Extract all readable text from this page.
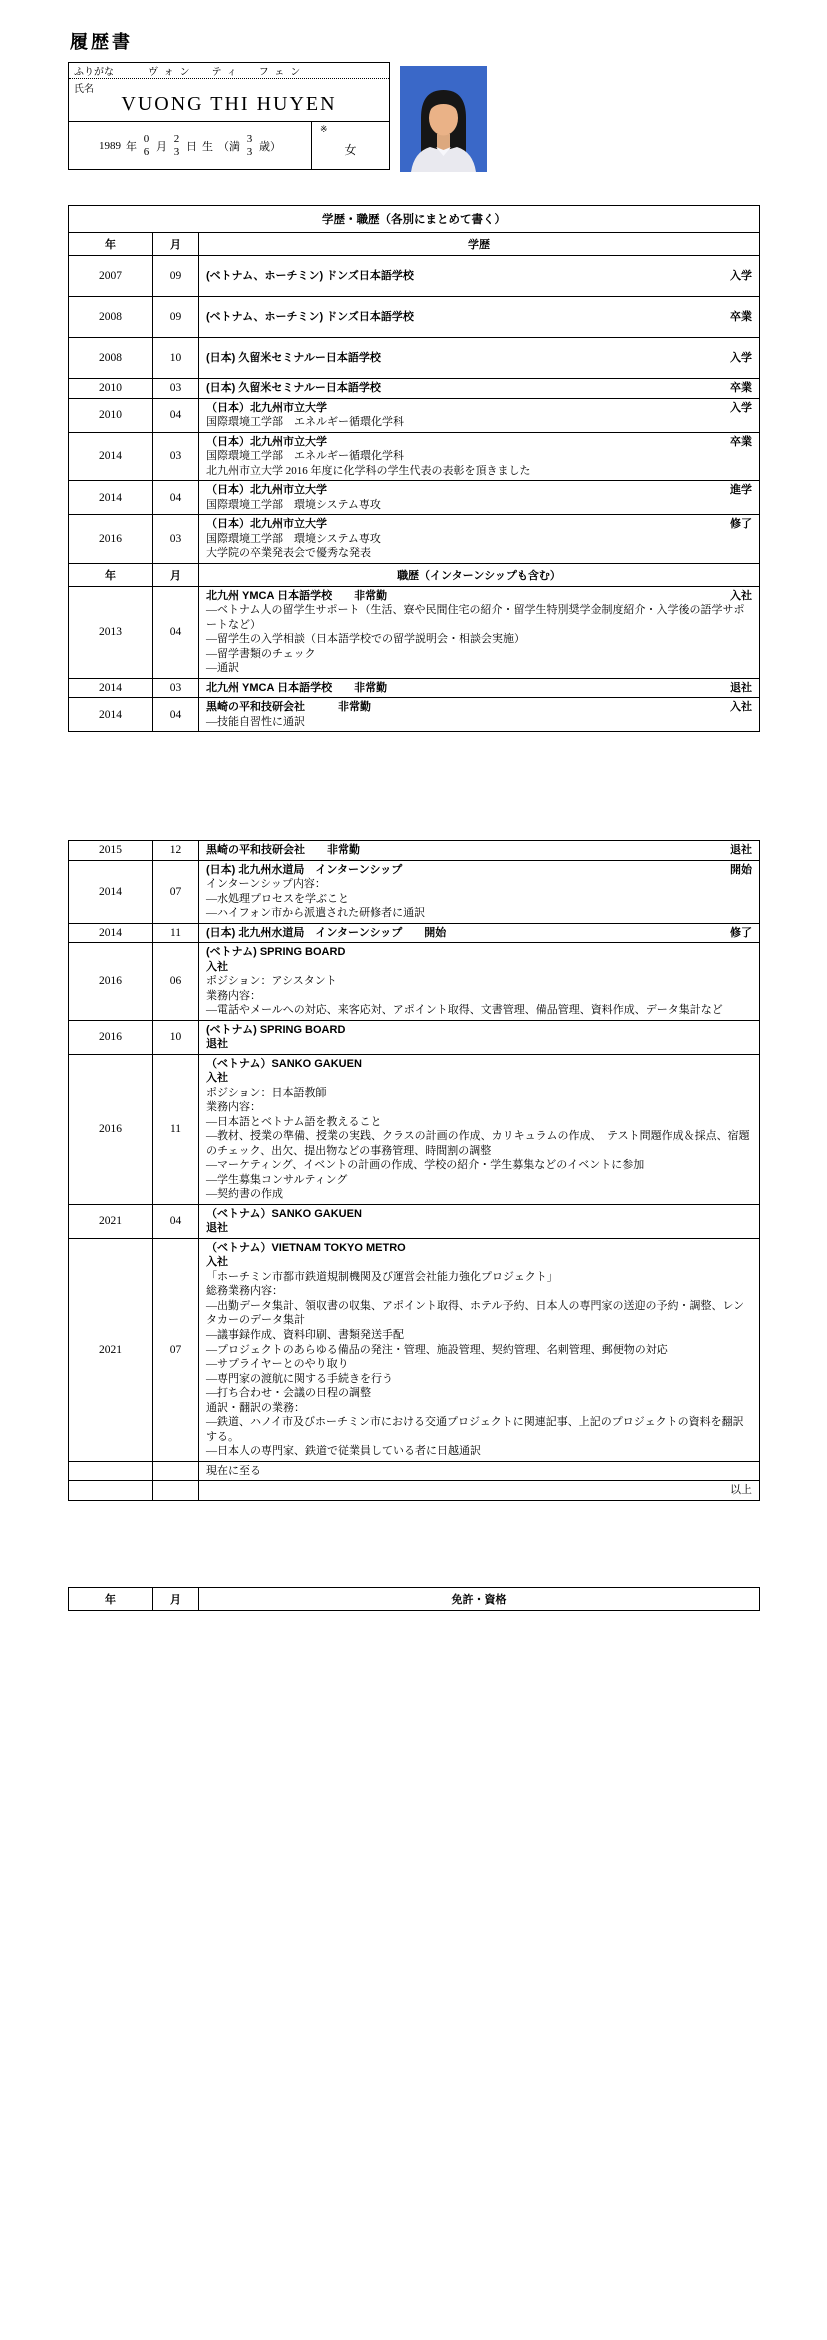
履歴書
ふりがな	ヴォン　ティ　フェン
氏名
VUONG THI HUYEN
1989 年
06 月
23 日 生 （満
33 歳）
※
女
学歴・職歴（各別にまとめて書く）		
年	月	学歴
2007	09	(ベトナム、ホーチミン) ドンズ日本語学校 入学

2008	09	(ベトナム、ホーチミン) ドンズ日本語学校 卒業

2008	10	(日本) 久留米セミナルー日本語学校 入学

2010	03	(日本) 久留米セミナルー日本語学校 卒業

2010	04	（日本）北九州市立大学 入学
国際環境工学部　エネルギー循環化学科

2014	03	（日本）北九州市立大学 卒業
国際環境工学部　エネルギー循環化学科
北九州市立大学 2016 年度に化学科の学生代表の表彰を頂きました

2014	04	（日本）北九州市立大学 進学
国際環境工学部　環境システム専攻

2016	03	（日本）北九州市立大学 修了
国際環境工学部　環境システム専攻
大学院の卒業発表会で優秀な発表

年	月	職歴（インターンシップも含む）
2013	04	
北九州 YMCA 日本語学校　　非常勤	入社
—ベトナム人の留学生サポート（生活、寮や民間住宅の紹介・留学生特別奨学金制度紹介・入学後の語学サポートなど）
—留学生の入学相談（日本語学校での留学説明会・相談会実施）
—留学書類のチェック
—通訳

2014	03	北九州 YMCA 日本語学校　　非常勤 退社

2014	04	黒崎の平和技研会社　　　非常勤 入社
—技能自習性に通訳
2015	12	黒崎の平和技研会社　　非常勤 退社

2014	07	(日本) 北九州水道局　インターンシップ 開始
インターンシップ内容：
—水処理プロセスを学ぶこと
—ハイフォン市から派遣された研修者に通訳

2014	11	(日本) 北九州水道局　インターンシップ　　開始 修了

2016	06	(ベトナム) SPRING BOARD
入社
ポジション：アシスタント
業務内容：
—電話やメールへの対応、来客応対、アポイント取得、文書管理、備品管理、資料作成、データ集計など

2016	10	(ベトナム) SPRING BOARD
退社

2016	11	
（ベトナム）SANKO GAKUEN
入社
ポジション：日本語教師
業務内容：
—日本語とベトナム語を教えること
—教材、授業の準備、授業の実践、クラスの計画の作成、カリキュラムの作成、　テスト問題作成＆採点、宿題のチェック、出欠、提出物などの事務管理、時間割の調整
—マーケティング、イベントの計画の作成、学校の紹介・学生募集などのイベントに参加
—学生募集コンサルティング
—契約書の作成

2021	04	（ベトナム）SANKO GAKUEN
退社

2021	07	
（ベトナム）VIETNAM TOKYO METRO
入社
「ホーチミン市都市鉄道規制機関及び運営会社能力強化プロジェクト」
総務業務内容：
—出勤データ集計、領収書の収集、アポイント取得、ホテル予約、日本人の専門家の送迎の予約・調整、レンタカーのデータ集計
—議事録作成、資料印刷、書類発送手配
—プロジェクトのあらゆる備品の発注・管理、施設管理、契約管理、名刺管理、郵便物の対応
—サプライヤーとのやり取り
—専門家の渡航に関する手続きを行う
—打ち合わせ・会議の日程の調整
通訳・翻訳の業務：
—鉄道、ハノイ市及びホーチミン市における交通プロジェクトに関連記事、上記のプロジェクトの資料を翻訳する。
—日本人の専門家、鉄道で従業員している者に日越通訳

		現在に至る

		以上
年	月	免許・資格
